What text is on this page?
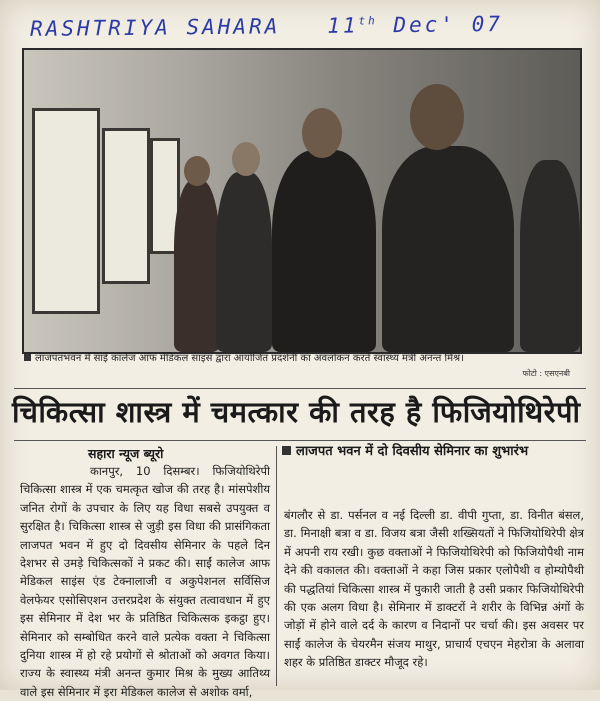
RASHTRIYA SAHARA 11th Dec' 07
लाजपतभवन में साईं कालेज आफ मेडिकल साइंस द्वारा आयोजित प्रदर्शनी का अवलोकन करते स्वास्थ्य मंत्री अनन्त मिश्र।
फोटो : एसएनबी
चिकित्सा शास्त्र में चमत्कार की तरह है फिजियोथिरेपी
सहारा न्यूज ब्यूरो
कानपुर, 10 दिसम्बर। फिजियोथिरेपी चिकित्सा शास्त्र में एक चमत्कृत खोज की तरह है। मांसपेशीय जनित रोगों के उपचार के लिए यह विधा सबसे उपयुक्त व सुरक्षित है। चिकित्सा शास्त्र से जुड़ी इस विधा की प्रासंगिकता लाजपत भवन में हुए दो दिवसीय सेमिनार के पहले दिन देशभर से उमड़े चिकित्सकों ने प्रकट की। साईं कालेज आफ मेडिकल साइंस एंड टेक्नालाजी व अकुपेशनल सर्विसिज वेलफेयर एसोसिएशन उत्तरप्रदेश के संयुक्त तत्वावधान में हुए इस सेमिनार में देश भर के प्रतिष्ठित चिकित्सक इकट्ठा हुए। सेमिनार को सम्बोधित करने वाले प्रत्येक वक्ता ने चिकित्सा दुनिया शास्त्र में हो रहे प्रयोगों से श्रोताओं को अवगत किया। राज्य के स्वास्थ्य मंत्री अनन्त कुमार मिश्र के मुख्य आतिथ्य वाले इस सेमिनार में इरा मेडिकल कालेज से अशोक वर्मा,
लाजपत भवन में दो दिवसीय सेमिनार का शुभारंभ
बंगलौर से डा. पर्सनल व नई दिल्ली डा. वीपी गुप्ता, डा. विनीत बंसल, डा. मिनाक्षी बत्रा व डा. विजय बत्रा जैसी शख्सियतों ने फिजियोथिरेपी क्षेत्र में अपनी राय रखी। कुछ वक्ताओं ने फिजियोथिरेपी को फिजियोपैथी नाम देने की वकालत की। वक्ताओं ने कहा जिस प्रकार एलोपैथी व होम्योपैथी की पद्धतियां चिकित्सा शास्त्र में पुकारी जाती है उसी प्रकार फिजियोथिरेपी की एक अलग विधा है। सेमिनार में डाक्टरों ने शरीर के विभिन्न अंगों के जोड़ों में होने वाले दर्द के कारण व निदानों पर चर्चा की। इस अवसर पर साईं कालेज के चेयरमैन संजय माथुर, प्राचार्य एचएन मेहरोत्रा के अलावा शहर के प्रतिष्ठित डाक्टर मौजूद रहे।
